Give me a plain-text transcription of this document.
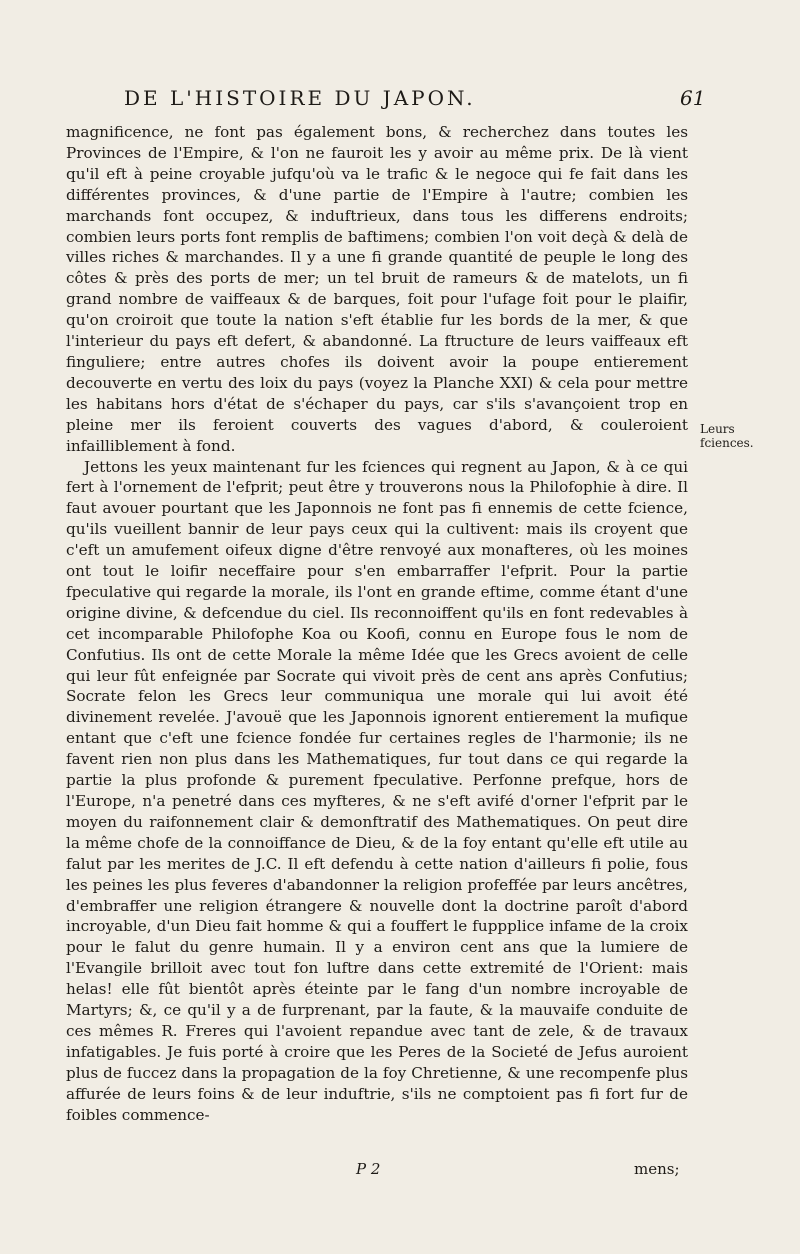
DE L'HISTOIRE DU JAPON.	61

magnificence, ne font pas également bons, & recherchez dans toutes les Provinces de l'Empire, & l'on ne fauroit les y avoir au même prix. De là vient qu'il eft à peine croyable jufqu'où va le trafic & le negoce qui fe fait dans les différentes provinces, & d'une partie de l'Empire à l'autre; combien les marchands font occupez, & induftrieux, dans tous les differens endroits; combien leurs ports font remplis de baftimens; combien l'on voit deçà & delà de villes riches & marchandes. Il y a une fi grande quantité de peuple le long des côtes & près des ports de mer; un tel bruit de rameurs & de matelots, un fi grand nombre de vaiffeaux & de barques, foit pour l'ufage foit pour le plaifir, qu'on croiroit que toute la nation s'eft établie fur les bords de la mer, & que l'interieur du pays eft defert, & abandonné. La ftructure de leurs vaiffeaux eft finguliere; entre autres chofes ils doivent avoir la poupe entierement decouverte en vertu des loix du pays (voyez la Planche XXI) & cela pour mettre les habitans hors d'état de s'échaper du pays, car s'ils s'avançoient trop en pleine mer ils feroient couverts des vagues d'abord, & couleroient infailliblement à fond.

Jettons les yeux maintenant fur les fciences qui regnent au Japon, & à ce qui fert à l'ornement de l'efprit; peut être y trouverons nous la Philofophie à dire. Il faut avouer pourtant que les Japonnois ne font pas fi ennemis de cette fcience, qu'ils vueillent bannir de leur pays ceux qui la cultivent: mais ils croyent que c'eft un amufement oifeux digne d'être renvoyé aux monafteres, où les moines ont tout le loifir neceffaire pour s'en embarraffer l'efprit. Pour la partie fpeculative qui regarde la morale, ils l'ont en grande eftime, comme étant d'une origine divine, & defcendue du ciel. Ils reconnoiffent qu'ils en font redevables à cet incomparable Philofophe Koa ou Koofi, connu en Europe fous le nom de Confutius. Ils ont de cette Morale la même Idée que les Grecs avoient de celle qui leur fût enfeignée par Socrate qui vivoit près de cent ans après Confutius; Socrate felon les Grecs leur communiqua une morale qui lui avoit été divinement revelée. J'avouë que les Japonnois ignorent entierement la mufique entant que c'eft une fcience fondée fur certaines regles de l'harmonie; ils ne favent rien non plus dans les Mathematiques, fur tout dans ce qui regarde la partie la plus profonde & purement fpeculative. Perfonne prefque, hors de l'Europe, n'a penetré dans ces myfteres, & ne s'eft avifé d'orner l'efprit par le moyen du raifonnement clair & demonftratif des Mathematiques. On peut dire la même chofe de la connoiffance de Dieu, & de la foy entant qu'elle eft utile au falut par les merites de J.C. Il eft defendu à cette nation d'ailleurs fi polie, fous les peines les plus feveres d'abandonner la religion profeffée par leurs ancêtres, d'embraffer une religion étrangere & nouvelle dont la doctrine paroît d'abord incroyable, d'un Dieu fait homme & qui a fouffert le fuppplice infame de la croix pour le falut du genre humain. Il y a environ cent ans que la lumiere de l'Evangile brilloit avec tout fon luftre dans cette extremité de l'Orient: mais helas! elle fût bientôt après éteinte par le fang d'un nombre incroyable de Martyrs; &, ce qu'il y a de furprenant, par la faute, & la mauvaife conduite de ces mêmes R. Freres qui l'avoient repandue avec tant de zele, & de travaux infatigables. Je fuis porté à croire que les Peres de la Societé de Jefus auroient plus de fuccez dans la propagation de la foy Chretienne, & une recompenfe plus affurée de leurs foins & de leur induftrie, s'ils ne comptoient pas fi fort fur de foibles commence-

Leurs fciences.
P 2	mens;
